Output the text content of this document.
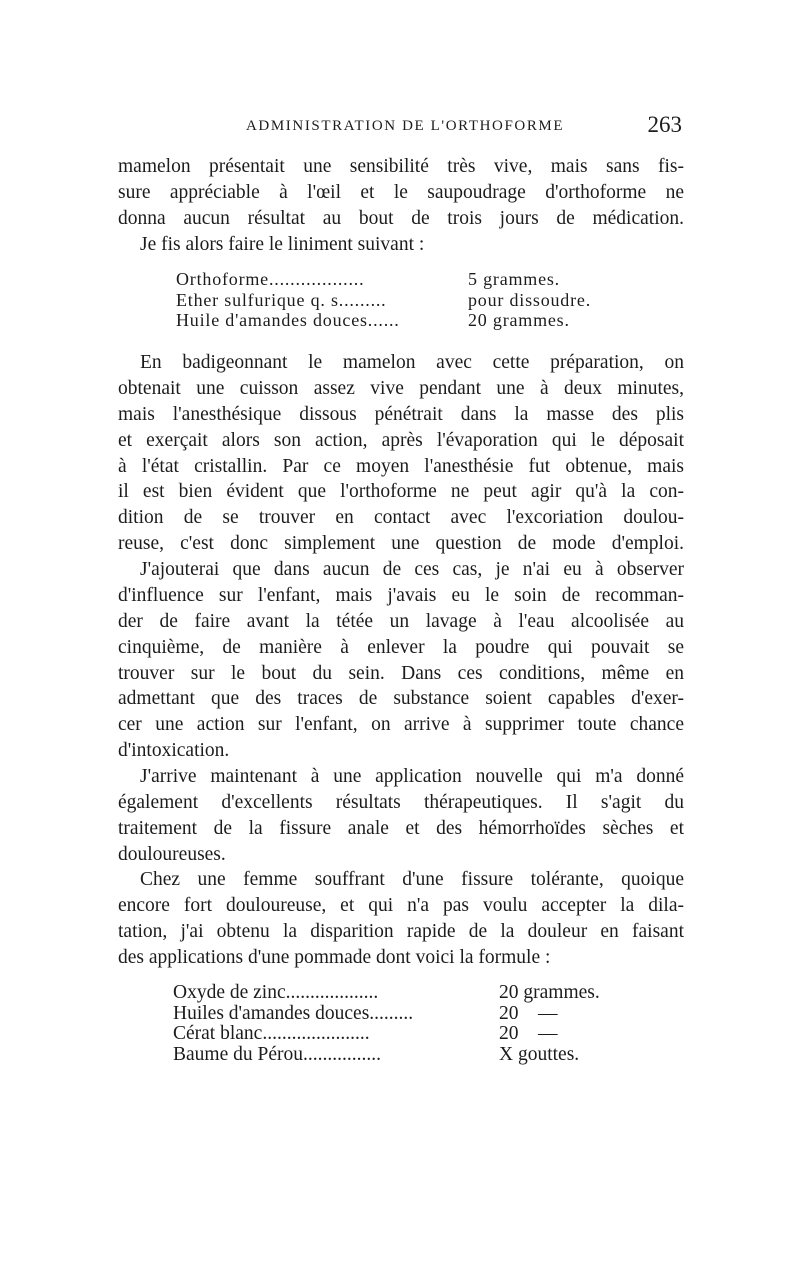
ADMINISTRATION DE L'ORTHOFORME	263
mamelon présentait une sensibilité très vive, mais sans fis-
sure appréciable à l'œil et le saupoudrage d'orthoforme ne
donna aucun résultat au bout de trois jours de médication.
Je fis alors faire le liniment suivant :
Orthoforme..................	5 grammes.
Ether sulfurique q. s.........	pour dissoudre.
Huile d'amandes douces......	20 grammes.
En badigeonnant le mamelon avec cette préparation, on
obtenait une cuisson assez vive pendant une à deux minutes,
mais l'anesthésique dissous pénétrait dans la masse des plis
et exerçait alors son action, après l'évaporation qui le déposait
à l'état cristallin. Par ce moyen l'anesthésie fut obtenue, mais
il est bien évident que l'orthoforme ne peut agir qu'à la con-
dition de se trouver en contact avec l'excoriation doulou-
reuse, c'est donc simplement une question de mode d'emploi.
J'ajouterai que dans aucun de ces cas, je n'ai eu à observer
d'influence sur l'enfant, mais j'avais eu le soin de recomman-
der de faire avant la tétée un lavage à l'eau alcoolisée au
cinquième, de manière à enlever la poudre qui pouvait se
trouver sur le bout du sein. Dans ces conditions, même en
admettant que des traces de substance soient capables d'exer-
cer une action sur l'enfant, on arrive à supprimer toute chance
d'intoxication.
J'arrive maintenant à une application nouvelle qui m'a donné
également d'excellents résultats thérapeutiques. Il s'agit du
traitement de la fissure anale et des hémorrhoïdes sèches et
douloureuses.
Chez une femme souffrant d'une fissure tolérante, quoique
encore fort douloureuse, et qui n'a pas voulu accepter la dila-
tation, j'ai obtenu la disparition rapide de la douleur en faisant
des applications d'une pommade dont voici la formule :
Oxyde de zinc...................	20 grammes.
Huiles d'amandes douces.........	20    —
Cérat blanc......................	20    —
Baume du Pérou................	X gouttes.
